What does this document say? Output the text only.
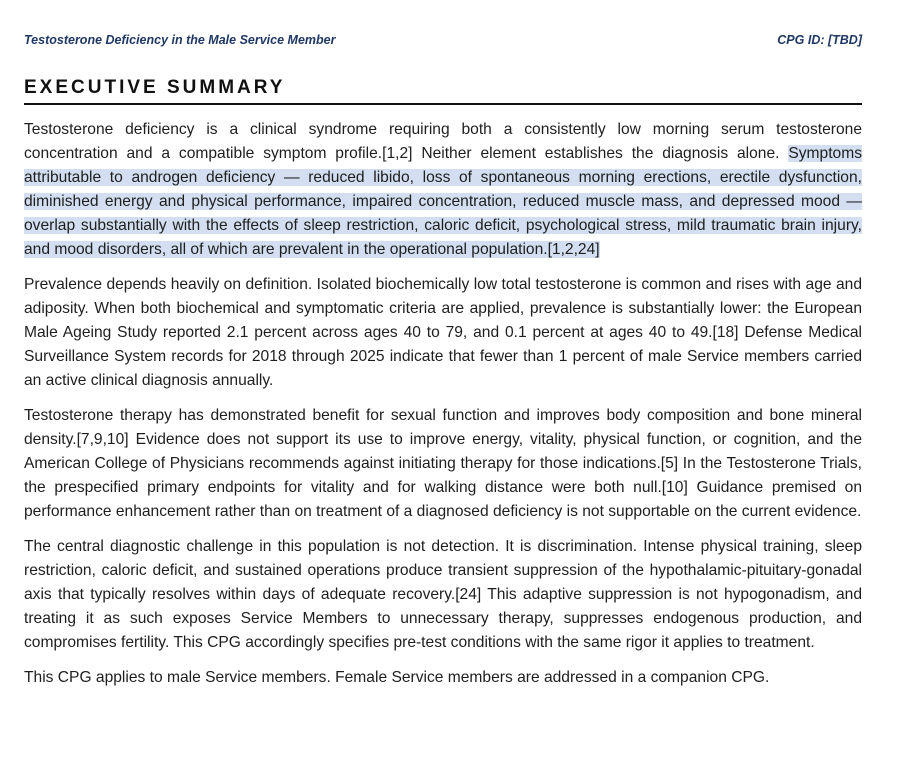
Testosterone Deficiency in the Male Service Member	CPG ID: [TBD]
EXECUTIVE SUMMARY

Testosterone deficiency is a clinical syndrome requiring both a consistently low morning serum testosterone concentration and a compatible symptom profile.[1,2] Neither element establishes the diagnosis alone. Symptoms attributable to androgen deficiency — reduced libido, loss of spontaneous morning erections, erectile dysfunction, diminished energy and physical performance, impaired concentration, reduced muscle mass, and depressed mood — overlap substantially with the effects of sleep restriction, caloric deficit, psychological stress, mild traumatic brain injury, and mood disorders, all of which are prevalent in the operational population.[1,2,24]

Prevalence depends heavily on definition. Isolated biochemically low total testosterone is common and rises with age and adiposity. When both biochemical and symptomatic criteria are applied, prevalence is substantially lower: the European Male Ageing Study reported 2.1 percent across ages 40 to 79, and 0.1 percent at ages 40 to 49.[18] Defense Medical Surveillance System records for 2018 through 2025 indicate that fewer than 1 percent of male Service members carried an active clinical diagnosis annually.

Testosterone therapy has demonstrated benefit for sexual function and improves body composition and bone mineral density.[7,9,10] Evidence does not support its use to improve energy, vitality, physical function, or cognition, and the American College of Physicians recommends against initiating therapy for those indications.[5] In the Testosterone Trials, the prespecified primary endpoints for vitality and for walking distance were both null.[10] Guidance premised on performance enhancement rather than on treatment of a diagnosed deficiency is not supportable on the current evidence.

The central diagnostic challenge in this population is not detection. It is discrimination. Intense physical training, sleep restriction, caloric deficit, and sustained operations produce transient suppression of the hypothalamic-pituitary-gonadal axis that typically resolves within days of adequate recovery.[24] This adaptive suppression is not hypogonadism, and treating it as such exposes Service Members to unnecessary therapy, suppresses endogenous production, and compromises fertility. This CPG accordingly specifies pre-test conditions with the same rigor it applies to treatment.

This CPG applies to male Service members. Female Service members are addressed in a companion CPG.
